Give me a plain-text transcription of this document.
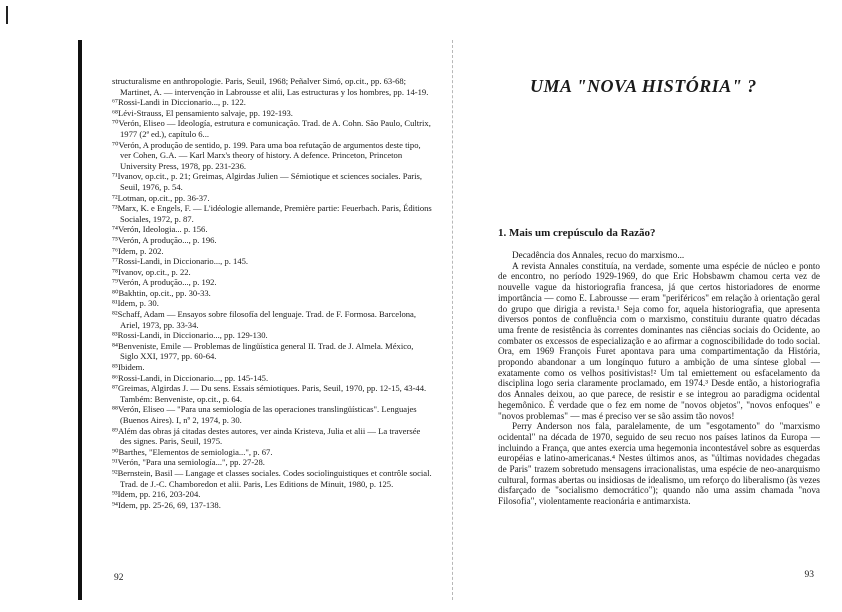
structuralisme en anthropologie. Paris, Seuil, 1968; Peñalver Simó, op.cit., pp. 63-68; Martinet, A. — intervenção in Labrousse et alii, Las estructuras y los hombres, pp. 14-19.

⁶⁷Rossi-Landi in Diccionario..., p. 122.

⁶⁸Lévi-Strauss, El pensamiento salvaje, pp. 192-193.

⁷⁰Verón, Eliseo — Ideología, estrutura e comunicação. Trad. de A. Cohn. São Paulo, Cultrix, 1977 (2ª ed.), capítulo 6...

⁷⁰Verón, A produção de sentido, p. 199. Para uma boa refutação de argumentos deste tipo, ver Cohen, G.A. — Karl Marx's theory of history. A defence. Princeton, Princeton University Press, 1978, pp. 231-236.

⁷¹Ivanov, op.cit., p. 21; Greimas, Algirdas Julien — Sémiotique et sciences sociales. Paris, Seuil, 1976, p. 54.

⁷²Lotman, op.cit., pp. 36-37.

⁷³Marx, K. e Engels, F. — L'idéologie allemande, Première partie: Feuerbach. Paris, Éditions Sociales, 1972, p. 87.

⁷⁴Verón, Ideologia... p. 156.

⁷⁵Verón, A produção..., p. 196.

⁷⁶Idem, p. 202.

⁷⁷Rossi-Landi, in Diccionario..., p. 145.

⁷⁸Ivanov, op.cit., p. 22.

⁷⁹Verón, A produção..., p. 192.

⁸⁰Bakhtin, op.cit., pp. 30-33.

⁸¹Idem, p. 30.

⁸²Schaff, Adam — Ensayos sobre filosofía del lenguaje. Trad. de F. Formosa. Barcelona, Ariel, 1973, pp. 33-34.

⁸³Rossi-Landi, in Diccionario..., pp. 129-130.

⁸⁴Benveniste, Emile — Problemas de lingüística general II. Trad. de J. Almela. México, Siglo XXI, 1977, pp. 60-64.

⁸⁵Ibidem.

⁸⁶Rossi-Landi, in Diccionario..., pp. 145-145.

⁸⁷Greimas, Algirdas J. — Du sens. Essais sémiotiques. Paris, Seuil, 1970, pp. 12-15, 43-44. Também: Benveniste, op.cit., p. 64.

⁸⁸Verón, Eliseo — "Para una semiología de las operaciones translingüísticas". Lenguajes (Buenos Aires). I, nº 2, 1974, p. 30.

⁸⁹Além das obras já citadas destes autores, ver ainda Kristeva, Julia et alii — La traversée des signes. Paris, Seuil, 1975.

⁹⁰Barthes, "Elementos de semiologia...", p. 67.

⁹¹Verón, "Para una semiología...", pp. 27-28.

⁹²Bernstein, Basil — Langage et classes sociales. Codes sociolinguistiques et contrôle social. Trad. de J.-C. Chamboredon et alii. Paris, Les Editions de Minuit, 1980, p. 125.

⁹³Idem, pp. 216, 203-204.

⁹⁴Idem, pp. 25-26, 69, 137-138.

92
UMA "NOVA HISTÓRIA" ?
1. Mais um crepúsculo da Razão?

Decadência dos Annales, recuo do marxismo...

A revista Annales constituía, na verdade, somente uma espécie de núcleo e ponto de encontro, no período 1929-1969, do que Eric Hobsbawm chamou certa vez de nouvelle vague da historiografia francesa, já que certos historiadores de enorme importância — como E. Labrousse — eram "periféricos" em relação à orientação geral do grupo que dirigia a revista.¹ Seja como for, aquela historiografia, que apresenta diversos pontos de confluência com o marxismo, constituiu durante quatro décadas uma frente de resistência às correntes dominantes nas ciências sociais do Ocidente, ao combater os excessos de especialização e ao afirmar a cognoscibilidade do todo social. Ora, em 1969 François Furet apontava para uma compartimentação da História, propondo abandonar a um longínquo futuro a ambição de uma síntese global — exatamente como os velhos positivistas!² Um tal emiettement ou esfacelamento da disciplina logo seria claramente proclamado, em 1974.³ Desde então, a historiografia dos Annales deixou, ao que parece, de resistir e se integrou ao paradigma ocidental hegemônico. É verdade que o fez em nome de "novos objetos", "novos enfoques" e "novos problemas" — mas é preciso ver se são assim tão novos!

Perry Anderson nos fala, paralelamente, de um "esgotamento" do "marxismo ocidental" na década de 1970, seguido de seu recuo nos países latinos da Europa — incluindo a França, que antes exercia uma hegemonia incontestável sobre as esquerdas européias e latino-americanas.⁴ Nestes últimos anos, as "últimas novidades chegadas de Paris" trazem sobretudo mensagens irracionalistas, uma espécie de neo-anarquismo cultural, formas abertas ou insidiosas de idealismo, um reforço do liberalismo (às vezes disfarçado de "socialismo democrático"); quando não uma assim chamada "nova Filosofia", violentamente reacionária e antimarxista.

93
